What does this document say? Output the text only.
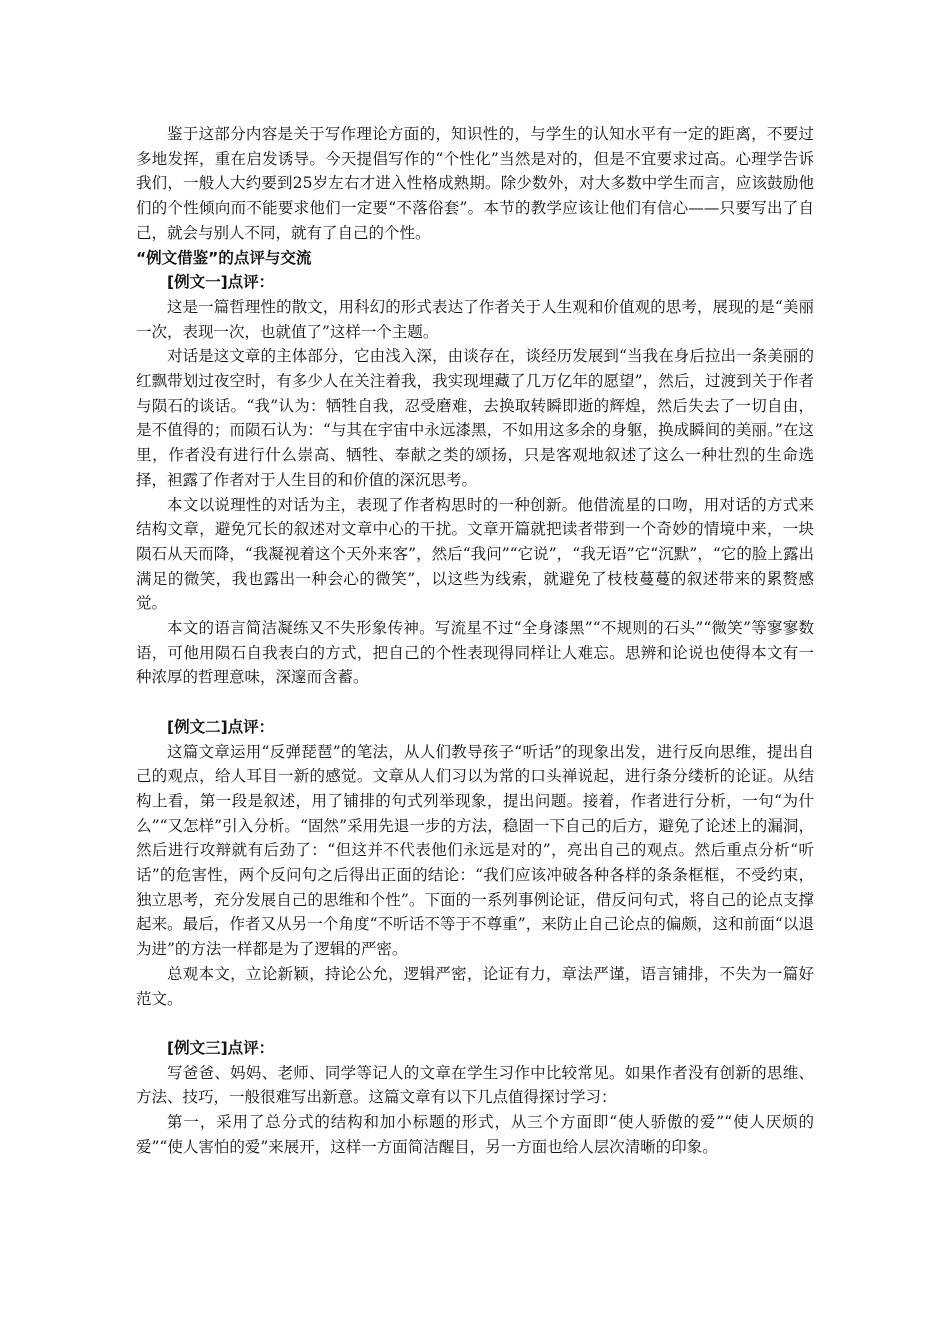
鉴于这部分内容是关于写作理论方面的，知识性的，与学生的认知水平有一定的距离，不要过多地发挥，重在启发诱导。今天提倡写作的“个性化”当然是对的，但是不宜要求过高。心理学告诉我们，一般人大约要到25岁左右才进入性格成熟期。除少数外，对大多数中学生而言，应该鼓励他们的个性倾向而不能要求他们一定要“不落俗套”。本节的教学应该让他们有信心——只要写出了自己，就会与别人不同，就有了自己的个性。

“例文借鉴”的点评与交流

[例文一]点评：

这是一篇哲理性的散文，用科幻的形式表达了作者关于人生观和价值观的思考，展现的是“美丽一次，表现一次，也就值了”这样一个主题。

对话是这文章的主体部分，它由浅入深，由谈存在，谈经历发展到“当我在身后拉出一条美丽的红飘带划过夜空时，有多少人在关注着我，我实现埋藏了几万亿年的愿望”，然后，过渡到关于作者与陨石的谈话。“我”认为：牺牲自我，忍受磨难，去换取转瞬即逝的辉煌，然后失去了一切自由，是不值得的；而陨石认为：“与其在宇宙中永远漆黑，不如用这多余的身躯，换成瞬间的美丽。”在这里，作者没有进行什么崇高、牺牲、奉献之类的颂扬，只是客观地叙述了这么一种壮烈的生命选择，袒露了作者对于人生目的和价值的深沉思考。

本文以说理性的对话为主，表现了作者构思时的一种创新。他借流星的口吻，用对话的方式来结构文章，避免冗长的叙述对文章中心的干扰。文章开篇就把读者带到一个奇妙的情境中来，一块陨石从天而降，“我凝视着这个天外来客”，然后“我问”“它说”，“我无语”它“沉默”，“它的脸上露出满足的微笑，我也露出一种会心的微笑”，以这些为线索，就避免了枝枝蔓蔓的叙述带来的累赘感觉。

本文的语言简洁凝练又不失形象传神。写流星不过“全身漆黑”“不规则的石头”“微笑”等寥寥数语，可他用陨石自我表白的方式，把自己的个性表现得同样让人难忘。思辨和论说也使得本文有一种浓厚的哲理意味，深邃而含蓄。

[例文二]点评：

这篇文章运用“反弹琵琶”的笔法，从人们教导孩子“听话”的现象出发，进行反向思维，提出自己的观点，给人耳目一新的感觉。文章从人们习以为常的口头禅说起，进行条分缕析的论证。从结构上看，第一段是叙述，用了铺排的句式列举现象，提出问题。接着，作者进行分析，一句“为什么”“又怎样”引入分析。“固然”采用先退一步的方法，稳固一下自己的后方，避免了论述上的漏洞，然后进行攻辩就有后劲了：“但这并不代表他们永远是对的”，亮出自己的观点。然后重点分析“听话”的危害性，两个反问句之后得出正面的结论：“我们应该冲破各种各样的条条框框，不受约束，独立思考，充分发展自己的思维和个性”。下面的一系列事例论证，借反问句式，将自己的论点支撑起来。最后，作者又从另一个角度“不听话不等于不尊重”，来防止自己论点的偏颇，这和前面“以退为进”的方法一样都是为了逻辑的严密。

总观本文，立论新颖，持论公允，逻辑严密，论证有力，章法严谨，语言铺排，不失为一篇好范文。

[例文三]点评：

写爸爸、妈妈、老师、同学等记人的文章在学生习作中比较常见。如果作者没有创新的思维、方法、技巧，一般很难写出新意。这篇文章有以下几点值得探讨学习：

第一，采用了总分式的结构和加小标题的形式，从三个方面即“使人骄傲的爱”“使人厌烦的爱”“使人害怕的爱”来展开，这样一方面简洁醒目，另一方面也给人层次清晰的印象。
